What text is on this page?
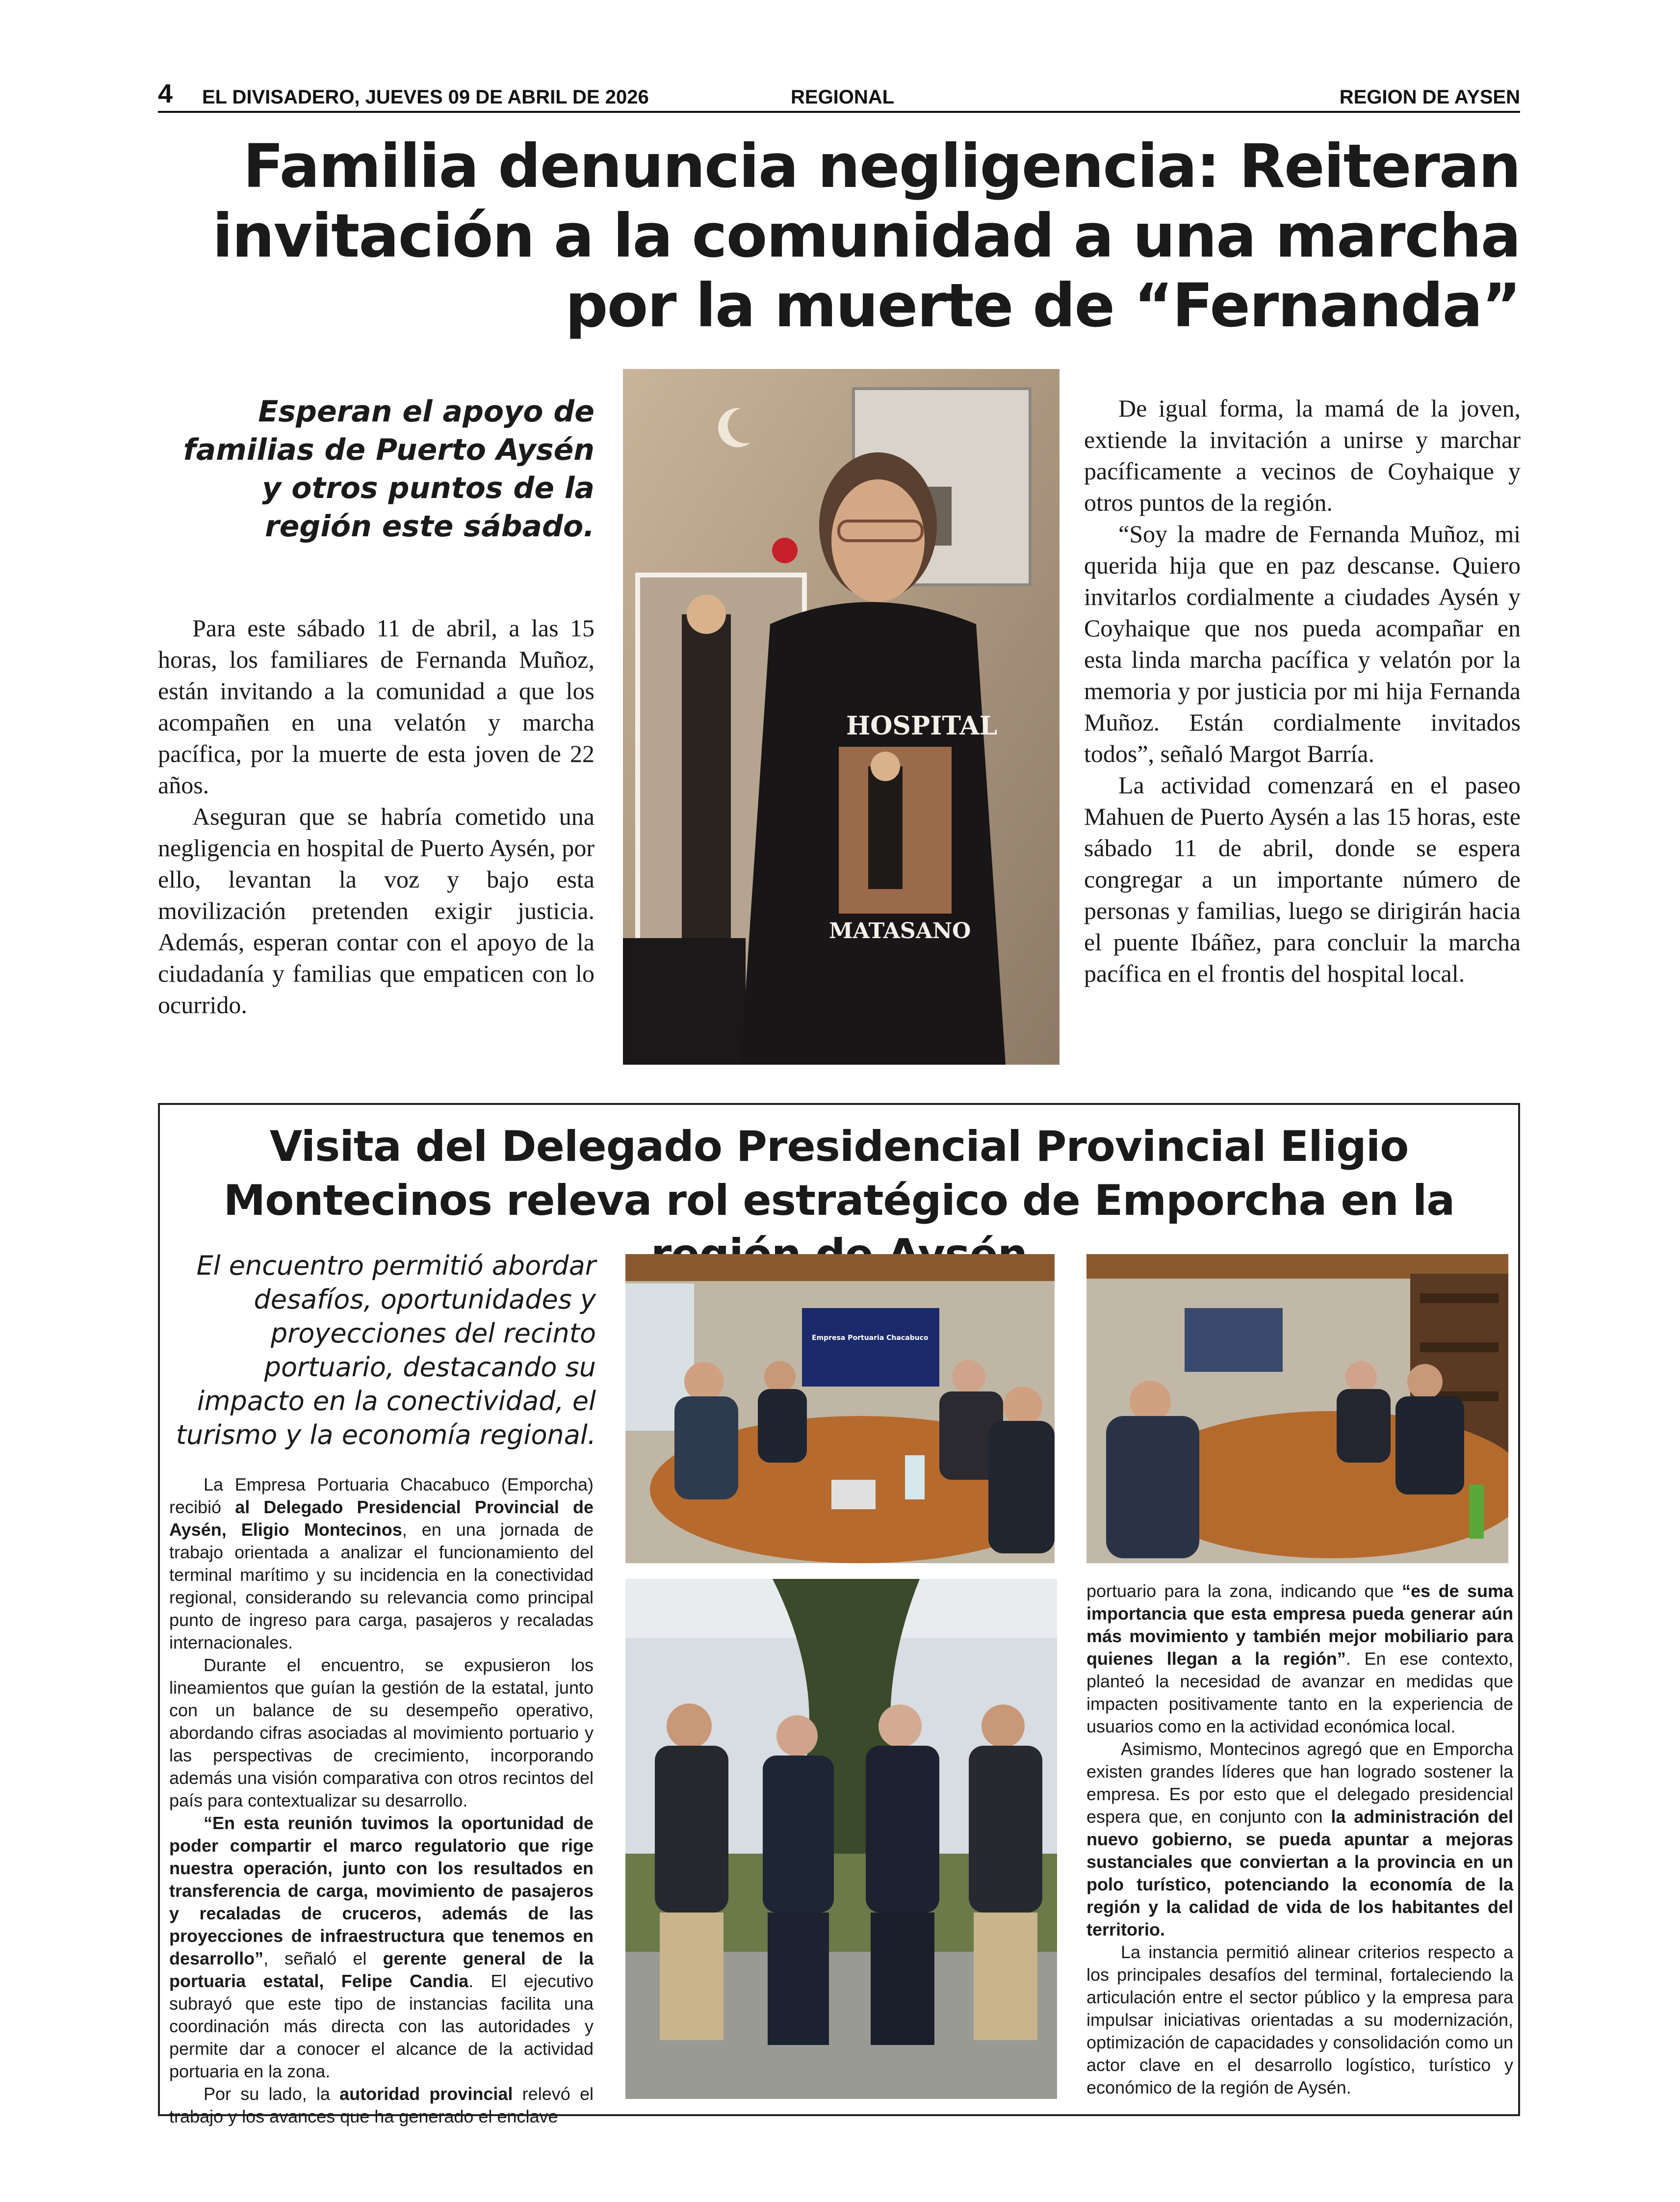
4 EL DIVISADERO, JUEVES 09 DE ABRIL DE 2026	REGIONAL	REGION DE AYSEN
Familia denuncia negligencia: Reiteran invitación a la comunidad a una marcha por la muerte de “Fernanda”
Esperan el apoyo de familias de Puerto Aysén y otros puntos de la región este sábado.

Para este sábado 11 de abril, a las 15 horas, los familiares de Fernanda Muñoz, están invitando a la comunidad a que los acompañen en una velatón y marcha pacífica, por la muerte de esta joven de 22 años.

Aseguran que se habría cometido una negligencia en hospital de Puerto Aysén, por ello, levantan la voz y bajo esta movilización pretenden exigir justicia. Además, esperan contar con el apoyo de la ciudadanía y familias que empaticen con lo ocurrido.

HOSPITAL
MATASANO

De igual forma, la mamá de la joven, extiende la invitación a unirse y marchar pacíficamente a vecinos de Coyhaique y otros puntos de la región.

“Soy la madre de Fernanda Muñoz, mi querida hija que en paz descanse. Quiero invitarlos cordialmente a ciudades Aysén y Coyhaique que nos pueda acompañar en esta linda marcha pacífica y velatón por la memoria y por justicia por mi hija Fernanda Muñoz. Están cordialmente invitados todos”, señaló Margot Barría.

La actividad comenzará en el paseo Mahuen de Puerto Aysén a las 15 horas, este sábado 11 de abril, donde se espera congregar a un importante número de personas y familias, luego se dirigirán hacia el puente Ibáñez, para concluir la marcha pacífica en el frontis del hospital local.

Visita del Delegado Presidencial Provincial Eligio Montecinos releva rol estratégico de Emporcha en la
El encuentro permitió abordar desafíos, oportunidades y proyecciones del recinto portuario, destacando su impacto en la conectividad, el turismo y la economía regional.

La Empresa Portuaria Chacabuco (Emporcha) recibió al Delegado Presidencial Provincial de Aysén, Eligio Montecinos, en una jornada de trabajo orientada a analizar el funcionamiento del terminal marítimo y su incidencia en la conectividad regional, considerando su relevancia como principal punto de ingreso para carga, pasajeros y recaladas internacionales.

Durante el encuentro, se expusieron los lineamientos que guían la gestión de la estatal, junto con un balance de su desempeño operativo, abordando cifras asociadas al movimiento portuario y las perspectivas de crecimiento, incorporando además una visión comparativa con otros recintos del país para contextualizar su desarrollo.

“En esta reunión tuvimos la oportunidad de poder compartir el marco regulatorio que rige nuestra operación, junto con los resultados en transferencia de carga, movimiento de pasajeros y recaladas de cruceros, además de las proyecciones de infraestructura que tenemos en desarrollo”, señaló el gerente general de la portuaria estatal, Felipe Candia. El ejecutivo subrayó que este tipo de instancias facilita una coordinación más directa con las autoridades y permite dar a conocer el alcance de la actividad portuaria en la zona.

Por su lado, la autoridad provincial relevó el trabajo y los avances que ha generado el enclave

Empresa Portuaria Chacabuco

portuario para la zona, indicando que “es de suma importancia que esta empresa pueda generar aún más movimiento y también mejor mobiliario para quienes llegan a la región”. En ese contexto, planteó la necesidad de avanzar en medidas que impacten positivamente tanto en la experiencia de usuarios como en la actividad económica local.

Asimismo, Montecinos agregó que en Emporcha existen grandes líderes que han logrado sostener la empresa. Es por esto que el delegado presidencial espera que, en conjunto con la administración del nuevo gobierno, se pueda apuntar a mejoras sustanciales que conviertan a la provincia en un polo turístico, potenciando la economía de la región y la calidad de vida de los habitantes del territorio.

La instancia permitió alinear criterios respecto a los principales desafíos del terminal, fortaleciendo la articulación entre el sector público y la empresa para impulsar iniciativas orientadas a su modernización, optimización de capacidades y consolidación como un actor clave en el desarrollo logístico, turístico y económico de la región de Aysén.
